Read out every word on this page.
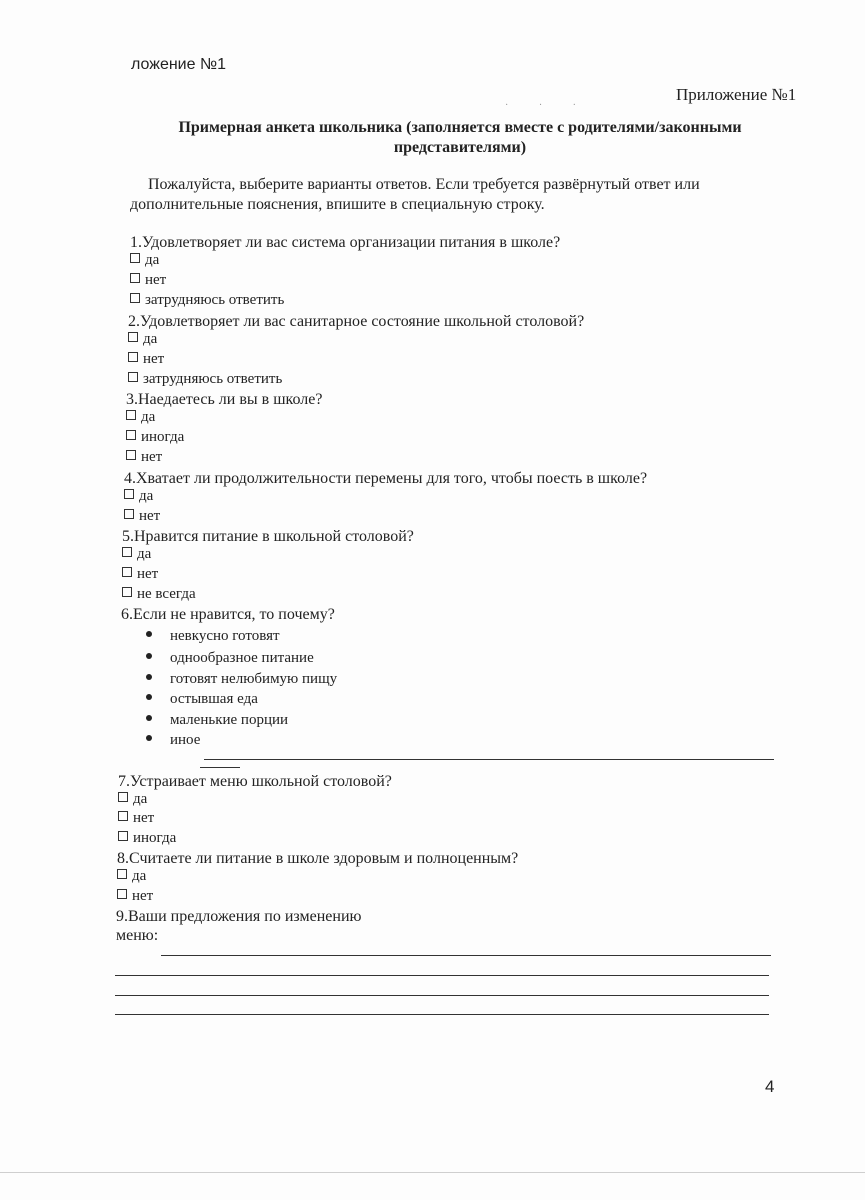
ложение №1
Приложение №1
· · ·
Примерная анкета школьника (заполняется вместе с родителями/законными представителями)
Пожалуйста, выберите варианты ответов. Если требуется развёрнутый ответ или дополнительные пояснения, впишите в специальную строку.
1.Удовлетворяет ли вас система организации питания в школе?
да
нет
затрудняюсь ответить
2.Удовлетворяет ли вас санитарное состояние школьной столовой?
да
нет
затрудняюсь ответить
3.Наедаетесь ли вы в школе?
да
иногда
нет
4.Хватает ли продолжительности перемены для того, чтобы поесть в школе?
да
нет
5.Нравится питание в школьной столовой?
да
нет
не всегда
6.Если не нравится, то почему?
невкусно готовят
однообразное питание
готовят нелюбимую пищу
остывшая еда
маленькие порции
иное
7.Устраивает меню школьной столовой?
да
нет
иногда
8.Считаете ли питание в школе здоровым и полноценным?
да
нет
9.Ваши предложения по изменению
меню:
4
